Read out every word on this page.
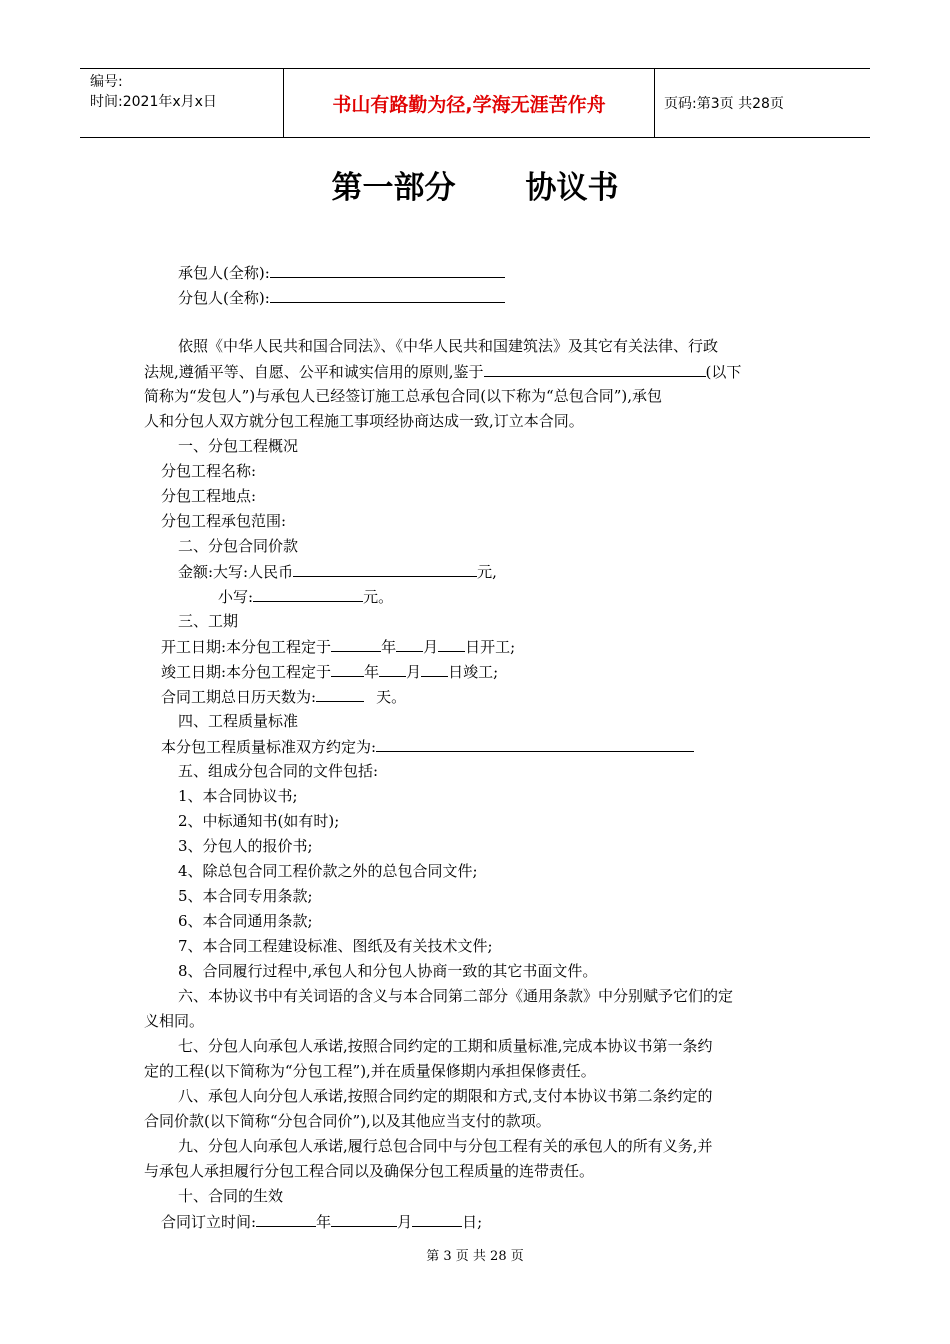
编号:
时间:2021年x月x日	书山有路勤为径,学海无涯苦作舟	页码:第3页 共28页
第一部分 协议书
承包人(全称):
分包人(全称):
依照《中华人民共和国合同法》、《中华人民共和国建筑法》及其它有关法律、行政
法规,遵循平等、自愿、公平和诚实信用的原则,鉴于	(以下
简称为“发包人”)与承包人已经签订施工总承包合同(以下称为“总包合同”),承包
人和分包人双方就分包工程施工事项经协商达成一致,订立本合同。
一、分包工程概况
分包工程名称:
分包工程地点:
分包工程承包范围:
二、分包合同价款
金额:大写:人民币	元,
小写:	元。
三、工期
开工日期:本分包工程定于	年 月 日开工;
竣工日期:本分包工程定于 年 月 日竣工;
合同工期总日历天数为:	天。
四、工程质量标准
本分包工程质量标准双方约定为:
五、组成分包合同的文件包括:
1、本合同协议书;
2、中标通知书(如有时);
3、分包人的报价书;
4、除总包合同工程价款之外的总包合同文件;
5、本合同专用条款;
6、本合同通用条款;
7、本合同工程建设标准、图纸及有关技术文件;
8、合同履行过程中,承包人和分包人协商一致的其它书面文件。
六、本协议书中有关词语的含义与本合同第二部分《通用条款》中分别赋予它们的定
义相同。
七、分包人向承包人承诺,按照合同约定的工期和质量标准,完成本协议书第一条约
定的工程(以下简称为“分包工程”),并在质量保修期内承担保修责任。
八、承包人向分包人承诺,按照合同约定的期限和方式,支付本协议书第二条约定的
合同价款(以下简称“分包合同价”),以及其他应当支付的款项。
九、分包人向承包人承诺,履行总包合同中与分包工程有关的承包人的所有义务,并
与承包人承担履行分包工程合同以及确保分包工程质量的连带责任。
十、合同的生效
合同订立时间:	年	月	日;
第 3 页 共 28 页
